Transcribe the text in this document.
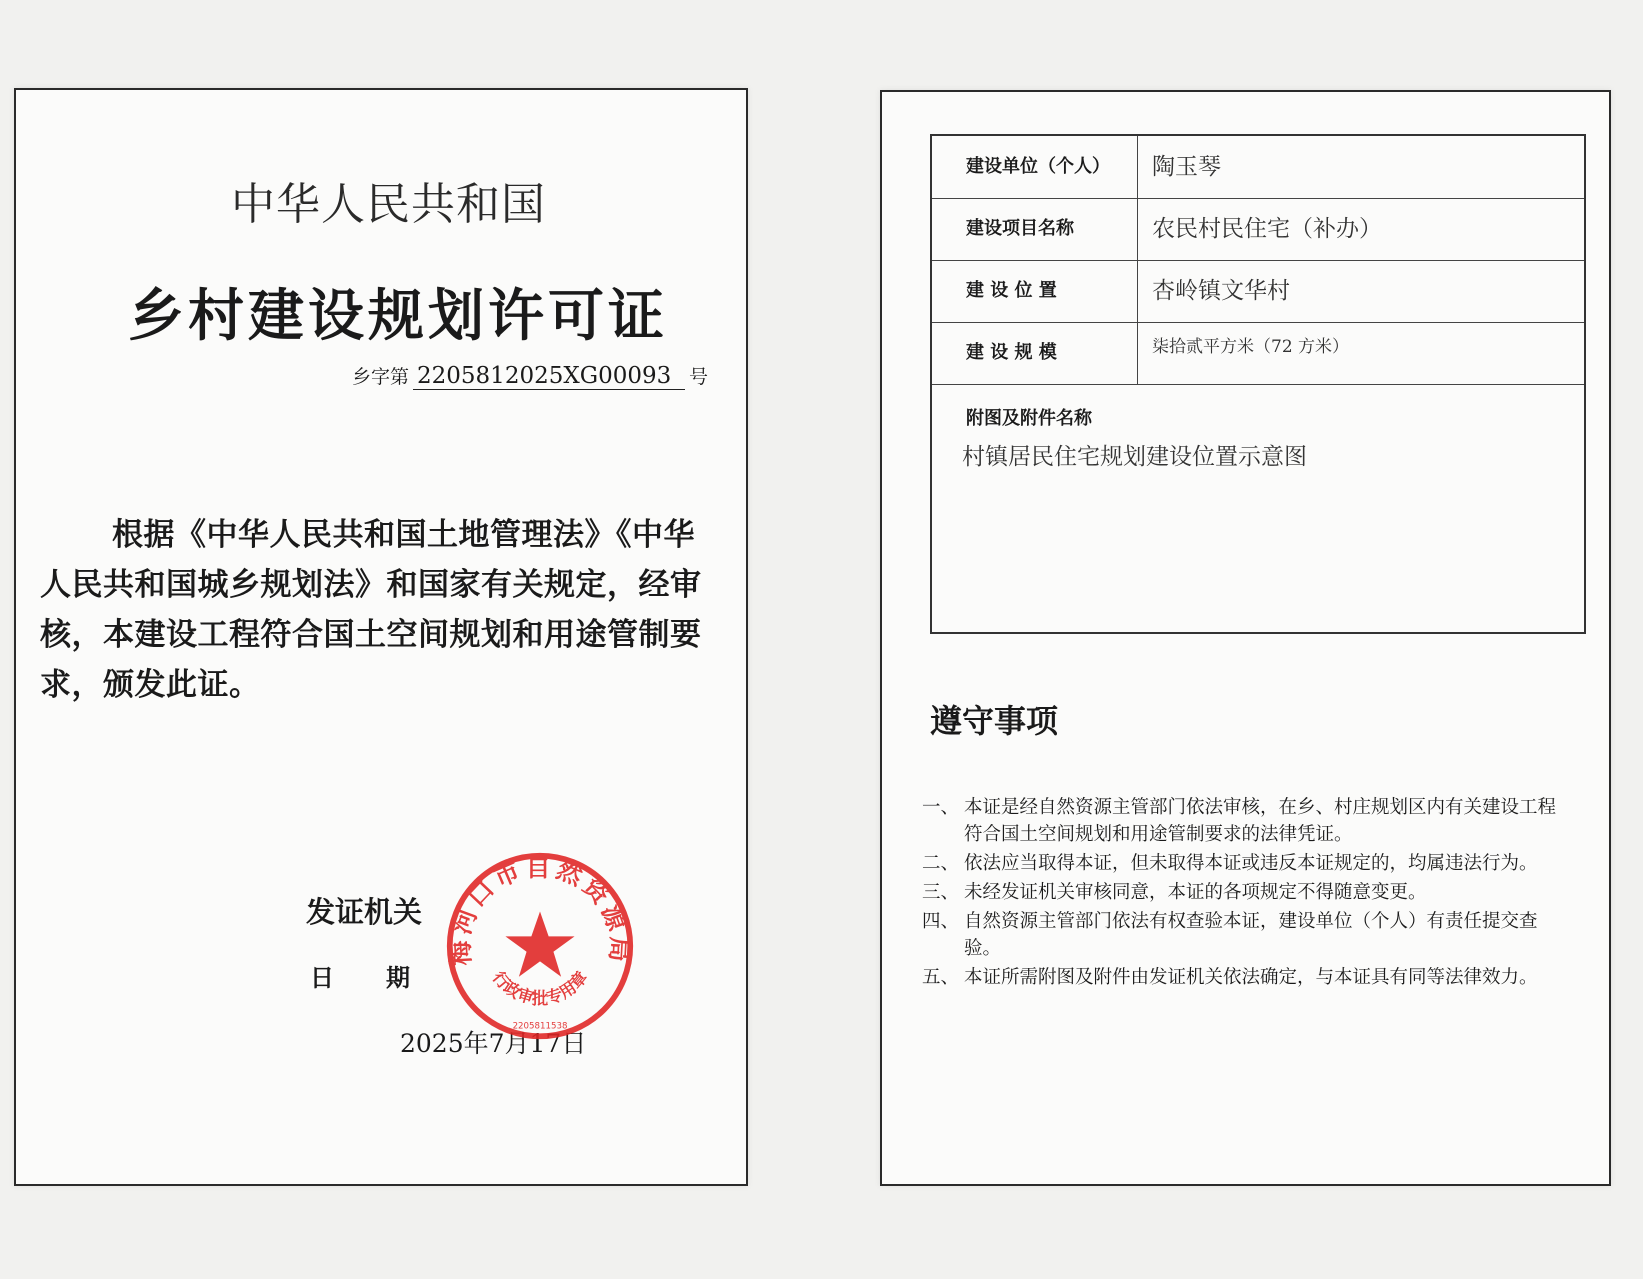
中华人民共和国
乡村建设规划许可证
乡字第 2205812025XG00093 号
根据《中华人民共和国土地管理法》《中华人民共和国城乡规划法》和国家有关规定，经审核，本建设工程符合国土空间规划和用途管制要求，颁发此证。
发证机关
日期
2025年7月17日
梅河口市自然资源局
行政审批专用章
2205811538
建设单位（个人）	陶玉琴
建设项目名称	农民村民住宅（补办）
建 设 位 置	杏岭镇文华村
建 设 规 模	柒拾贰平方米（72 方米）
附图及附件名称
村镇居民住宅规划建设位置示意图
遵守事项
一、 本证是经自然资源主管部门依法审核，在乡、村庄规划区内有关建设工程符合国土空间规划和用途管制要求的法律凭证。
二、 依法应当取得本证，但未取得本证或违反本证规定的，均属违法行为。
三、 未经发证机关审核同意，本证的各项规定不得随意变更。
四、 自然资源主管部门依法有权查验本证，建设单位（个人）有责任提交查验。
五、 本证所需附图及附件由发证机关依法确定，与本证具有同等法律效力。
